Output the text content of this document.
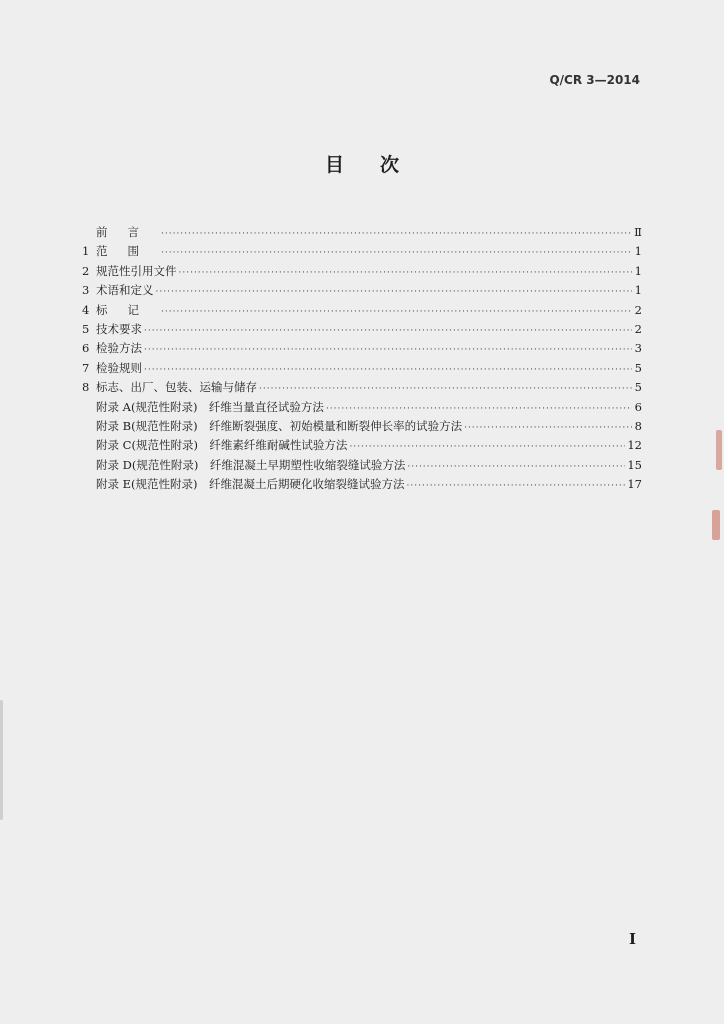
Q/CR 3—2014
目次
前言 ·····	Ⅱ
1 范围 ·····	1
2 规范性引用文件 ·····	1
3 术语和定义 ·····	1
4 标记 ·····	2
5 技术要求 ·····	2
6 检验方法 ·····	3
7 检验规则 ·····	5
8 标志、出厂、包装、运输与储存 ·····	5
附录 A(规范性附录)　纤维当量直径试验方法 ·····	6
附录 B(规范性附录)　纤维断裂强度、初始模量和断裂伸长率的试验方法 ·····	8
附录 C(规范性附录)　纤维素纤维耐碱性试验方法 ·····	12
附录 D(规范性附录)　纤维混凝土早期塑性收缩裂缝试验方法 ·····	15
附录 E(规范性附录)　纤维混凝土后期硬化收缩裂缝试验方法 ·····	17
I
